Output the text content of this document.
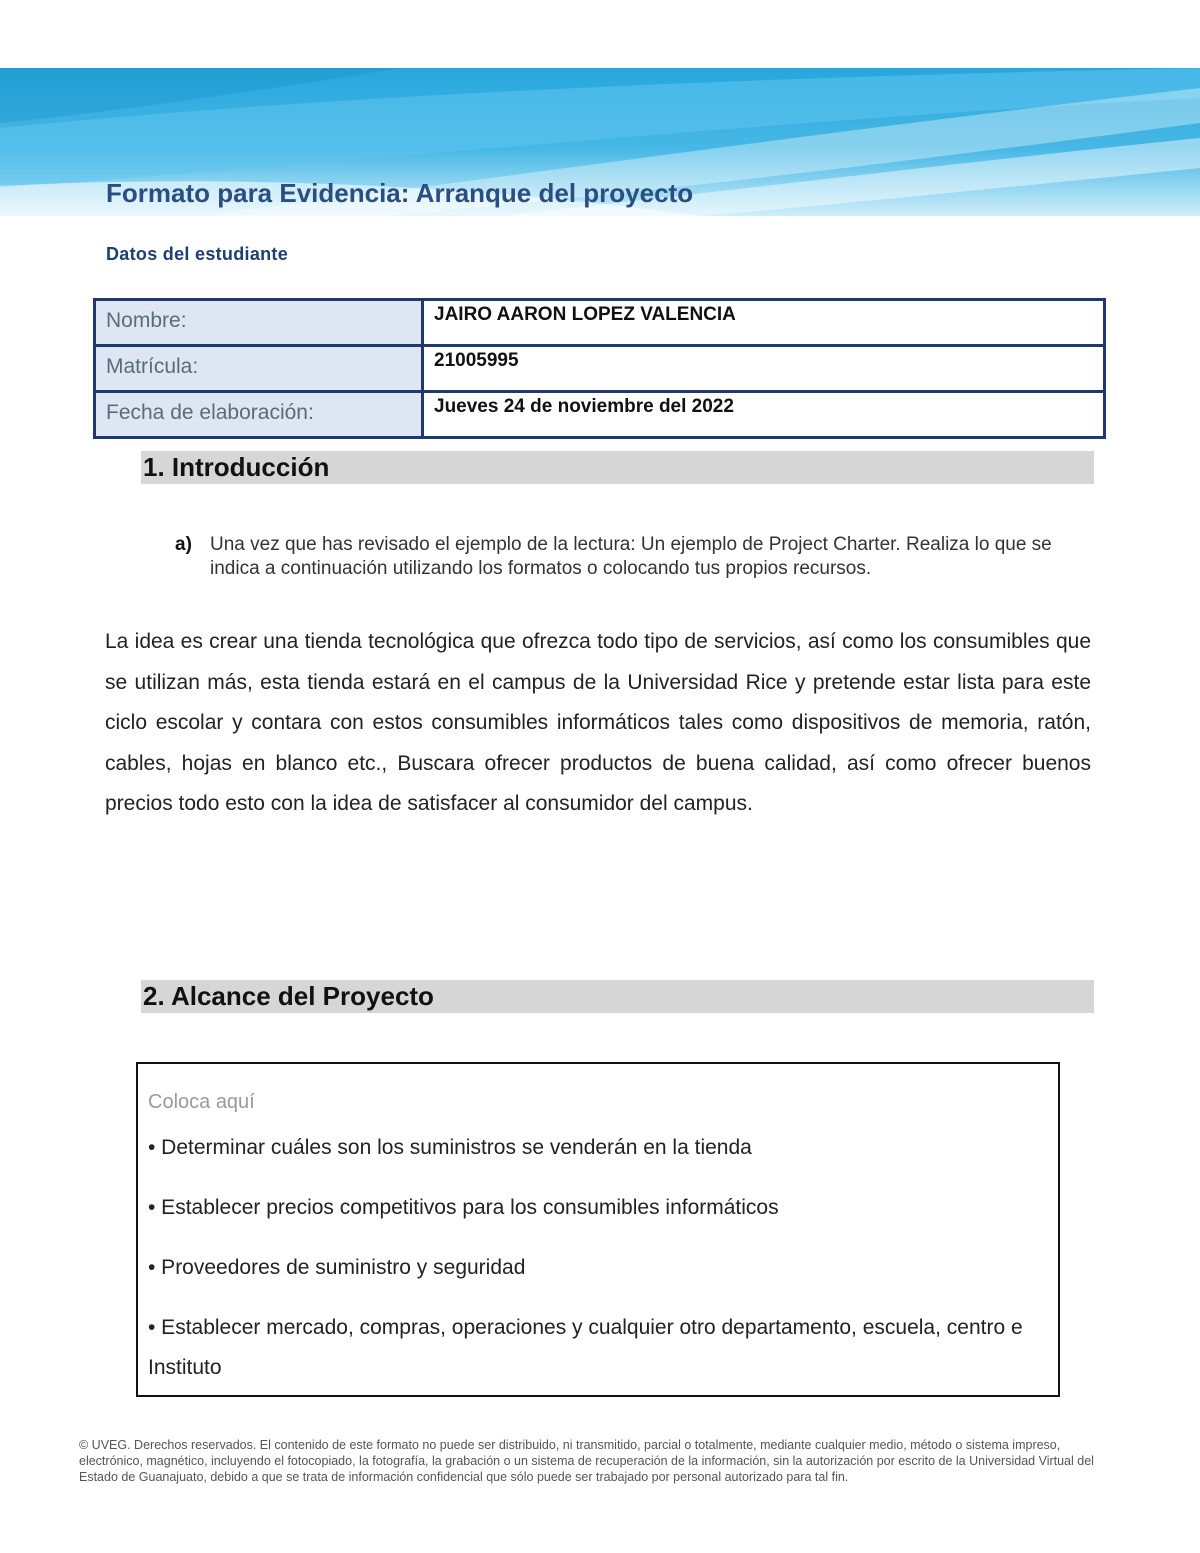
Formato para Evidencia: Arranque del proyecto
Datos del estudiante
Nombre:	JAIRO AARON LOPEZ VALENCIA
Matrícula:	21005995
Fecha de elaboración:	Jueves 24 de noviembre del 2022
1. Introducción
a) Una vez que has revisado el ejemplo de la lectura: Un ejemplo de Project Charter. Realiza lo que se indica a continuación utilizando los formatos o colocando tus propios recursos.

La idea es crear una tienda tecnológica que ofrezca todo tipo de servicios, así como los consumibles que se utilizan más, esta tienda estará en el campus de la Universidad Rice y pretende estar lista para este ciclo escolar y contara con estos consumibles informáticos tales como dispositivos de memoria, ratón, cables, hojas en blanco etc., Buscara ofrecer productos de buena calidad, así como ofrecer buenos precios todo esto con la idea de satisfacer al consumidor del campus.

2. Alcance del Proyecto
Coloca aquí
• Determinar cuáles son los suministros se venderán en la tienda
• Establecer precios competitivos para los consumibles informáticos
• Proveedores de suministro y seguridad
• Establecer mercado, compras, operaciones y cualquier otro departamento, escuela, centro e Instituto

© UVEG. Derechos reservados. El contenido de este formato no puede ser distribuido, ni transmitido, parcial o totalmente, mediante cualquier medio, método o sistema impreso, electrónico, magnético, incluyendo el fotocopiado, la fotografía, la grabación o un sistema de recuperación de la información, sin la autorización por escrito de la Universidad Virtual del Estado de Guanajuato, debido a que se trata de información confidencial que sólo puede ser trabajado por personal autorizado para tal fin.
